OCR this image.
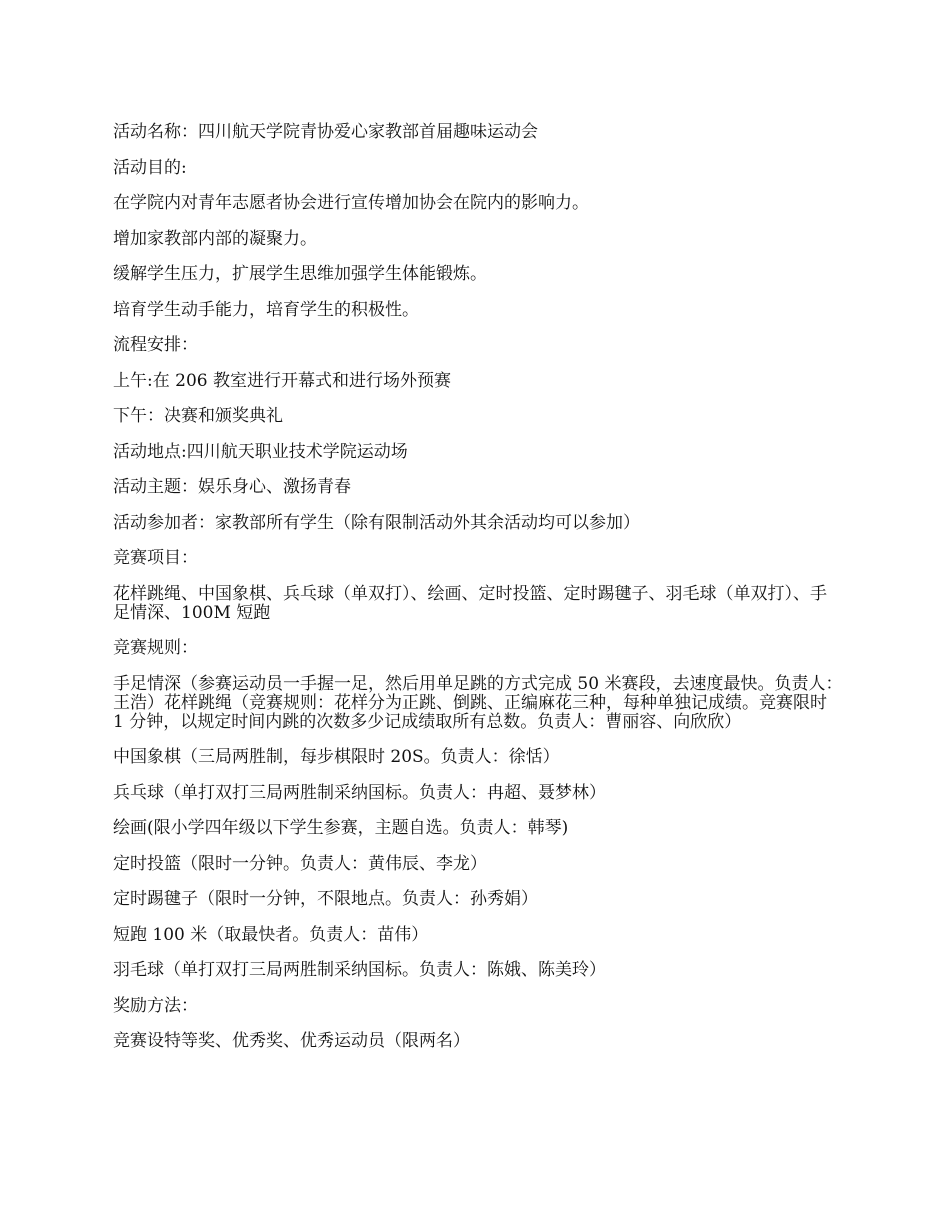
活动名称：四川航天学院青协爱心家教部首届趣味运动会

活动目的:

在学院内对青年志愿者协会进行宣传增加协会在院内的影响力。

增加家教部内部的凝聚力。

缓解学生压力，扩展学生思维加强学生体能锻炼。

培育学生动手能力，培育学生的积极性。

流程安排：

上午:在 206 教室进行开幕式和进行场外预赛

下午：决赛和颁奖典礼

活动地点:四川航天职业技术学院运动场

活动主题：娱乐身心、激扬青春

活动参加者：家教部所有学生（除有限制活动外其余活动均可以参加）

竞赛项目：

花样跳绳、中国象棋、兵乓球（单双打）、绘画、定时投篮、定时踢毽子、羽毛球（单双打）、手足情深、100M 短跑

竞赛规则：

手足情深（参赛运动员一手握一足，然后用单足跳的方式完成 50 米赛段，去速度最快。负责人：王浩）花样跳绳（竞赛规则：花样分为正跳、倒跳、正编麻花三种，每种单独记成绩。竞赛限时 1 分钟，以规定时间内跳的次数多少记成绩取所有总数。负责人：曹丽容、向欣欣）

中国象棋（三局两胜制，每步棋限时 20S。负责人：徐恬）

兵乓球（单打双打三局两胜制采纳国标。负责人：冉超、聂梦林）

绘画(限小学四年级以下学生参赛，主题自选。负责人：韩琴)

定时投篮（限时一分钟。负责人：黄伟辰、李龙）

定时踢毽子（限时一分钟，不限地点。负责人：孙秀娟）

短跑 100 米（取最快者。负责人：苗伟）

羽毛球（单打双打三局两胜制采纳国标。负责人：陈娥、陈美玲）

奖励方法：

竞赛设特等奖、优秀奖、优秀运动员（限两名）
